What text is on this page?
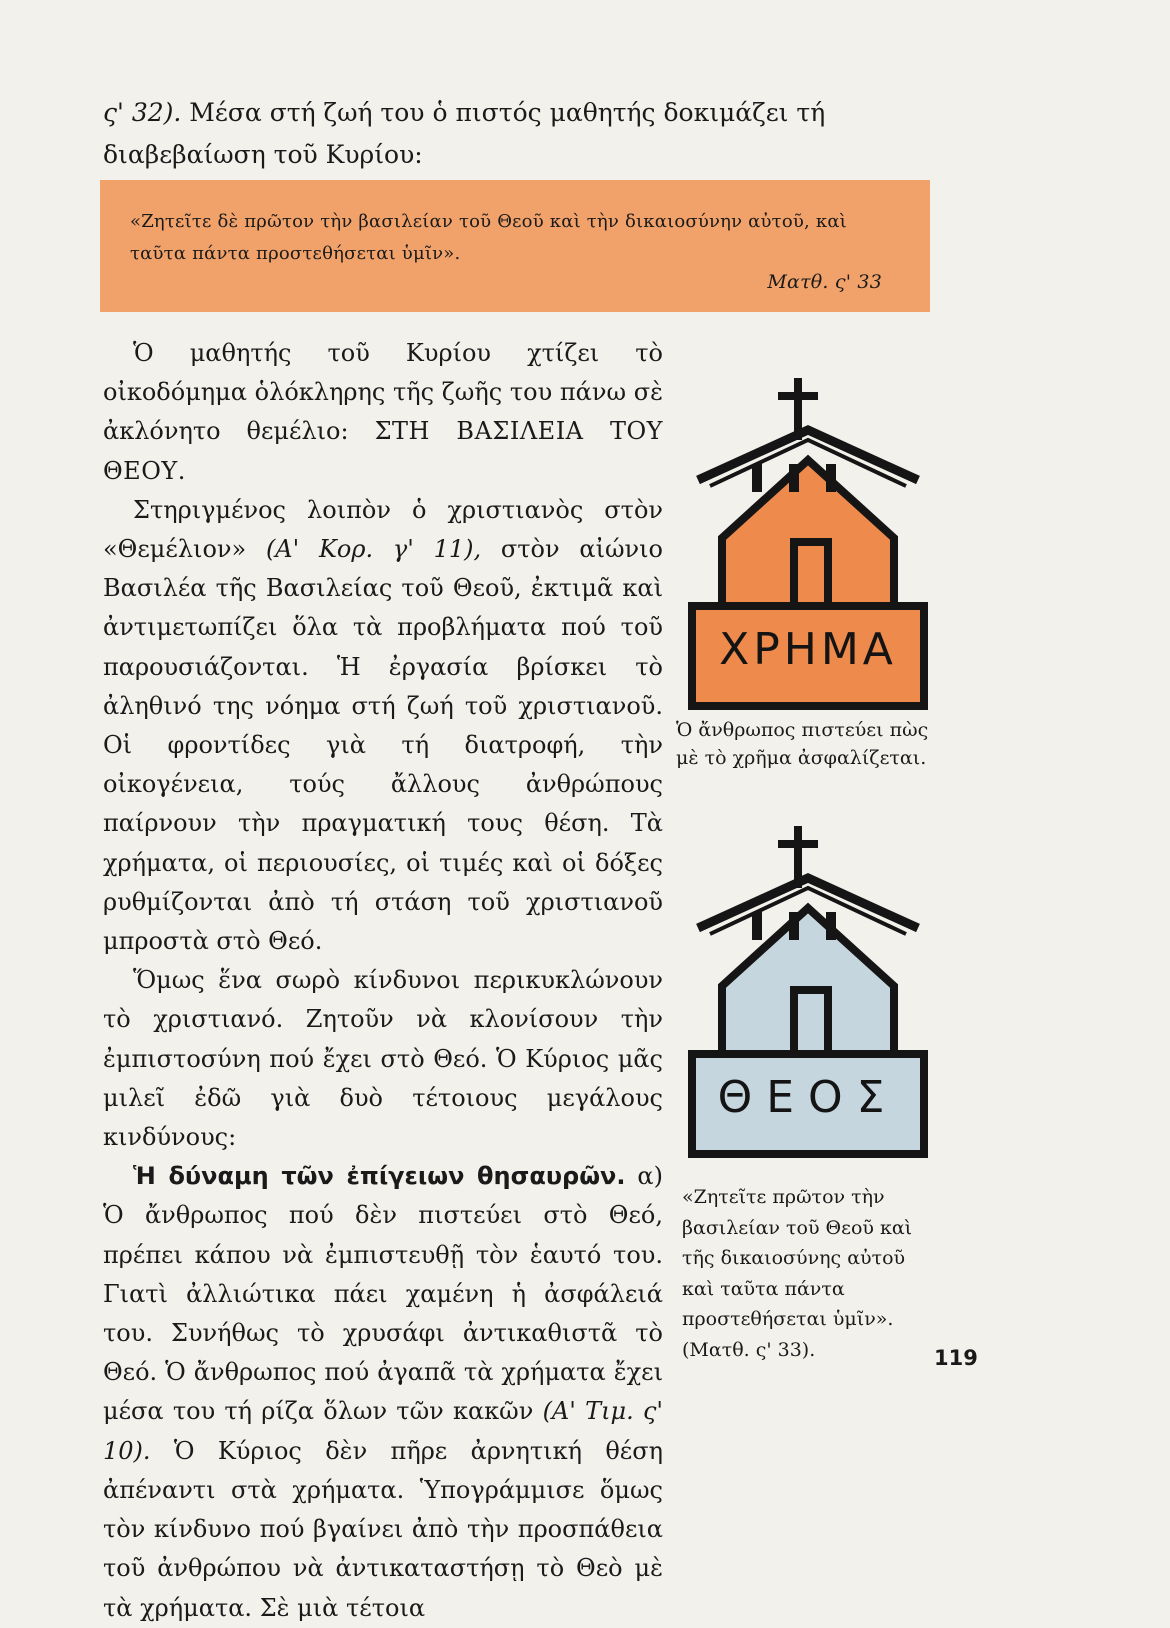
ς' 32). Μέσα στή ζωή του ὁ πιστός μαθητής δοκιμάζει τή διαβεβαίωση τοῦ Κυρίου:

«Ζητεῖτε δὲ πρῶτον τὴν βασιλείαν τοῦ Θεοῦ καὶ τὴν δικαιοσύνην αὐτοῦ, καὶ ταῦτα πάντα προστεθήσεται ὑμῖν».

Ματθ. ς' 33

Ὁ μαθητής τοῦ Κυρίου χτίζει τὸ οἰκοδόμημα ὁλόκληρης τῆς ζωῆς του πάνω σὲ ἀκλόνητο θεμέλιο: ΣΤΗ ΒΑΣΙΛΕΙΑ ΤΟΥ ΘΕΟΥ.

Στηριγμένος λοιπὸν ὁ χριστιανὸς στὸν «Θεμέλιον» (Α' Κορ. γ' 11), στὸν αἰώνιο Βασιλέα τῆς Βασιλείας τοῦ Θεοῦ, ἐκτιμᾶ καὶ ἀντιμετωπίζει ὅλα τὰ προβλήματα πού τοῦ παρουσιάζονται. Ἡ ἐργασία βρίσκει τὸ ἀληθινό της νόημα στή ζωή τοῦ χριστιανοῦ. Οἱ φροντίδες γιὰ τή διατροφή, τὴν οἰκογένεια, τούς ἄλλους ἀνθρώπους παίρνουν τὴν πραγματική τους θέση. Τὰ χρήματα, οἱ περιουσίες, οἱ τιμές καὶ οἱ δόξες ρυθμίζονται ἀπὸ τή στάση τοῦ χριστιανοῦ μπροστὰ στὸ Θεό.

Ὅμως ἕνα σωρὸ κίνδυνοι περικυκλώνουν τὸ χριστιανό. Ζητοῦν νὰ κλονίσουν τὴν ἐμπιστοσύνη πού ἔχει στὸ Θεό. Ὁ Κύριος μᾶς μιλεῖ ἐδῶ γιὰ δυὸ τέτοιους μεγάλους κινδύνους:

Ἡ δύναμη τῶν ἐπίγειων θησαυρῶν. α) Ὁ ἄνθρωπος πού δὲν πιστεύει στὸ Θεό, πρέπει κάπου νὰ ἐμπιστευθῇ τὸν ἑαυτό του. Γιατὶ ἀλλιώτικα πάει χαμένη ἡ ἀσφάλειά του. Συνήθως τὸ χρυσάφι ἀντικαθιστᾶ τὸ Θεό. Ὁ ἄνθρωπος πού ἀγαπᾶ τὰ χρήματα ἔχει μέσα του τή ρίζα ὅλων τῶν κακῶν (Α' Τιμ. ς' 10). Ὁ Κύριος δὲν πῆρε ἀρνητική θέση ἀπέναντι στὰ χρήματα. Ὑπογράμμισε ὅμως τὸν κίνδυνο πού βγαίνει ἀπὸ τὴν προσπάθεια τοῦ ἀνθρώπου νὰ ἀντικαταστήσῃ τὸ Θεὸ μὲ τὰ χρήματα. Σὲ μιὰ τέτοια

ΧΡΗΜΑ

Ὁ ἄνθρωπος πιστεύει πὼς μὲ τὸ χρῆμα ἀσφαλίζεται.

ΘΕΟΣ

«Ζητεῖτε πρῶτον τὴν βασιλείαν τοῦ Θεοῦ καὶ τῆς δικαιοσύνης αὐτοῦ καὶ ταῦτα πάντα προστεθήσεται ὑμῖν». (Ματθ. ς' 33).	119
